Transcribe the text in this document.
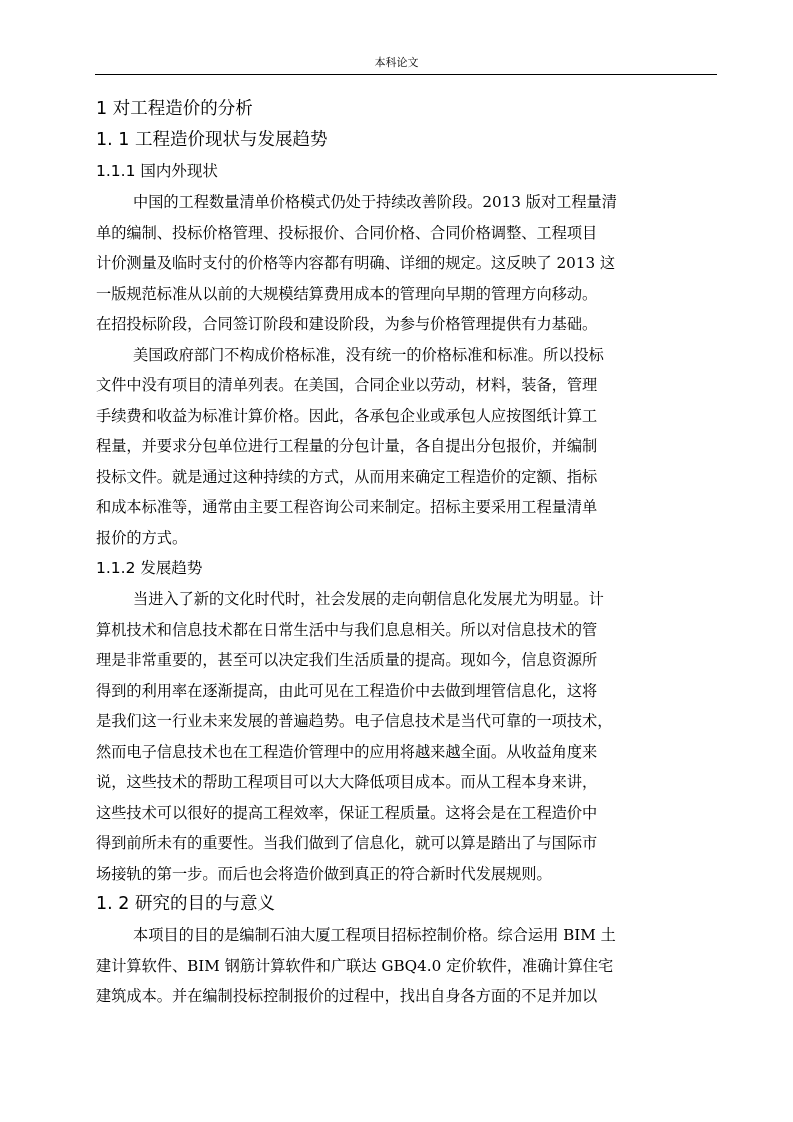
本科论文
1 对工程造价的分析
1. 1 工程造价现状与发展趋势
1.1.1 国内外现状
中国的工程数量清单价格模式仍处于持续改善阶段。2013 版对工程量清
单的编制、投标价格管理、投标报价、合同价格、合同价格调整、工程项目
计价测量及临时支付的价格等内容都有明确、详细的规定。这反映了 2013 这
一版规范标准从以前的大规模结算费用成本的管理向早期的管理方向移动。
在招投标阶段，合同签订阶段和建设阶段，为参与价格管理提供有力基础。
美国政府部门不构成价格标准，没有统一的价格标准和标准。所以投标
文件中没有项目的清单列表。在美国，合同企业以劳动，材料，装备，管理
手续费和收益为标准计算价格。因此，各承包企业或承包人应按图纸计算工
程量，并要求分包单位进行工程量的分包计量，各自提出分包报价，并编制
投标文件。就是通过这种持续的方式，从而用来确定工程造价的定额、指标
和成本标准等，通常由主要工程咨询公司来制定。招标主要采用工程量清单
报价的方式。
1.1.2 发展趋势
当进入了新的文化时代时，社会发展的走向朝信息化发展尤为明显。计
算机技术和信息技术都在日常生活中与我们息息相关。所以对信息技术的管
理是非常重要的，甚至可以决定我们生活质量的提高。现如今，信息资源所
得到的利用率在逐渐提高，由此可见在工程造价中去做到埋管信息化，这将
是我们这一行业未来发展的普遍趋势。电子信息技术是当代可靠的一项技术，
然而电子信息技术也在工程造价管理中的应用将越来越全面。从收益角度来
说，这些技术的帮助工程项目可以大大降低项目成本。而从工程本身来讲，
这些技术可以很好的提高工程效率，保证工程质量。这将会是在工程造价中
得到前所未有的重要性。当我们做到了信息化，就可以算是踏出了与国际市
场接轨的第一步。而后也会将造价做到真正的符合新时代发展规则。
1. 2 研究的目的与意义
本项目的目的是编制石油大厦工程项目招标控制价格。综合运用 BIM 土
建计算软件、BIM 钢筋计算软件和广联达 GBQ4.0 定价软件，准确计算住宅
建筑成本。并在编制投标控制报价的过程中，找出自身各方面的不足并加以
